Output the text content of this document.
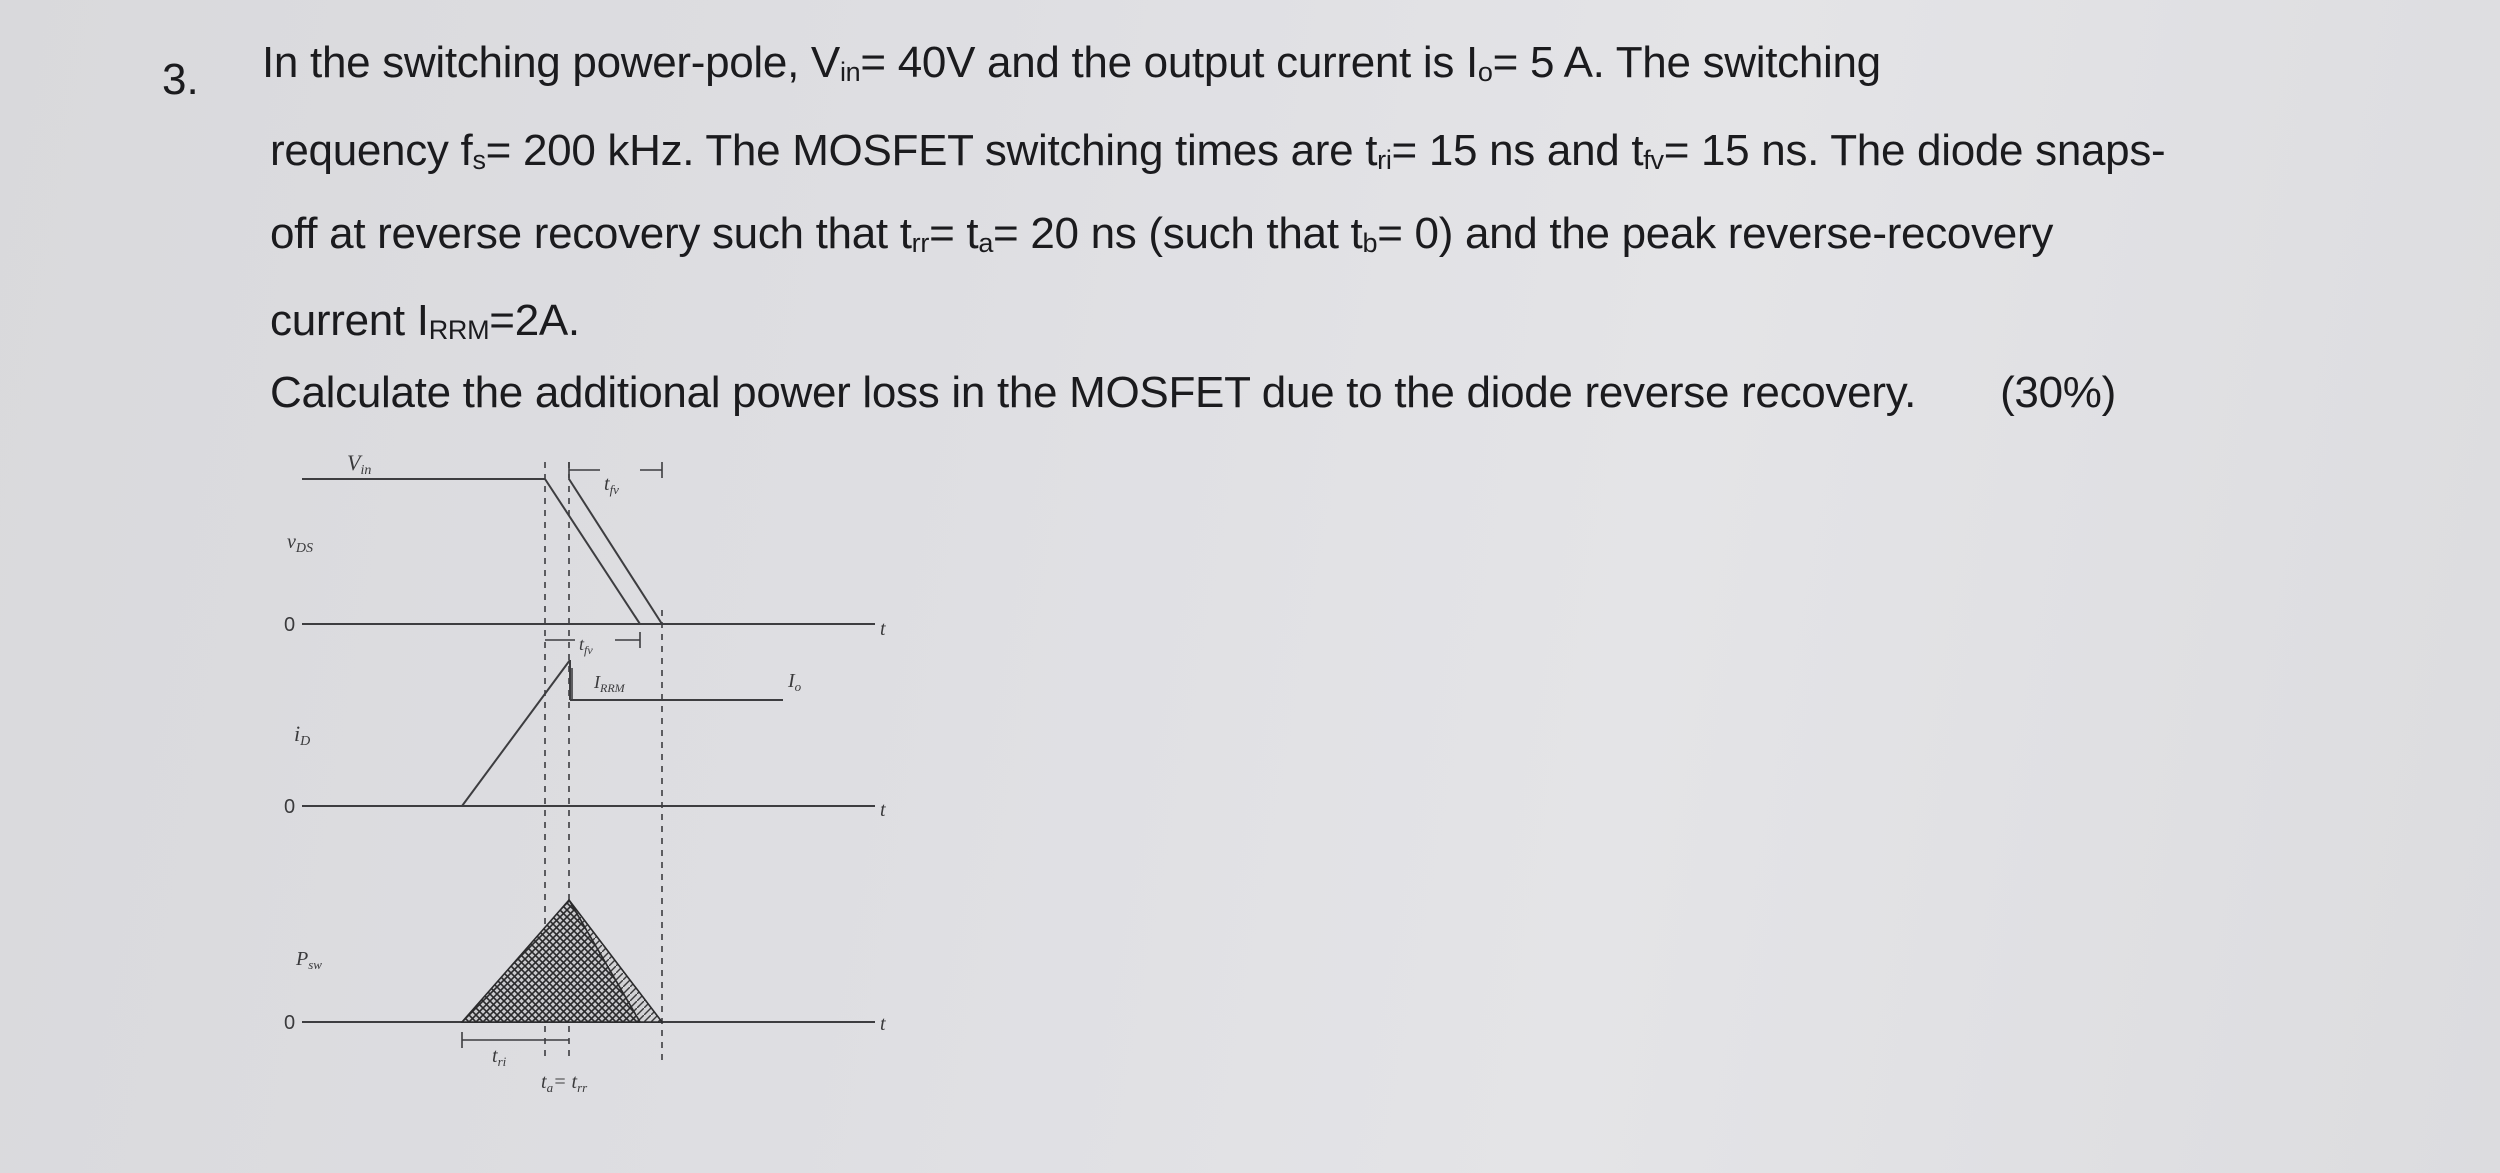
3. In the switching power-pole, $V_{in}= 40V$ and the output current is $I_o= 5$ A. The switching
requency $f_s= 200$ kHz. The MOSFET switching times are $t_{ri}= 15$ ns and $t_{fv}= 15$ ns. The diode snaps-
off at reverse recovery such that $t_{rr}= t_a= 20$ ns (such that $t_b= 0$) and the peak reverse-recovery
current $I_{RRM}=2A$.
Calculate the additional power loss in the MOSFET due to the diode reverse recovery. (30%)
Vin
$t_{fv}$
$v_{DS}$
0	t
$t_{fv}$
$I_{RRM}$	$I_o$
iD
0	t
$P_{sw}$
0	t
$t_{ri}$
$t_a= t_{rr}$
